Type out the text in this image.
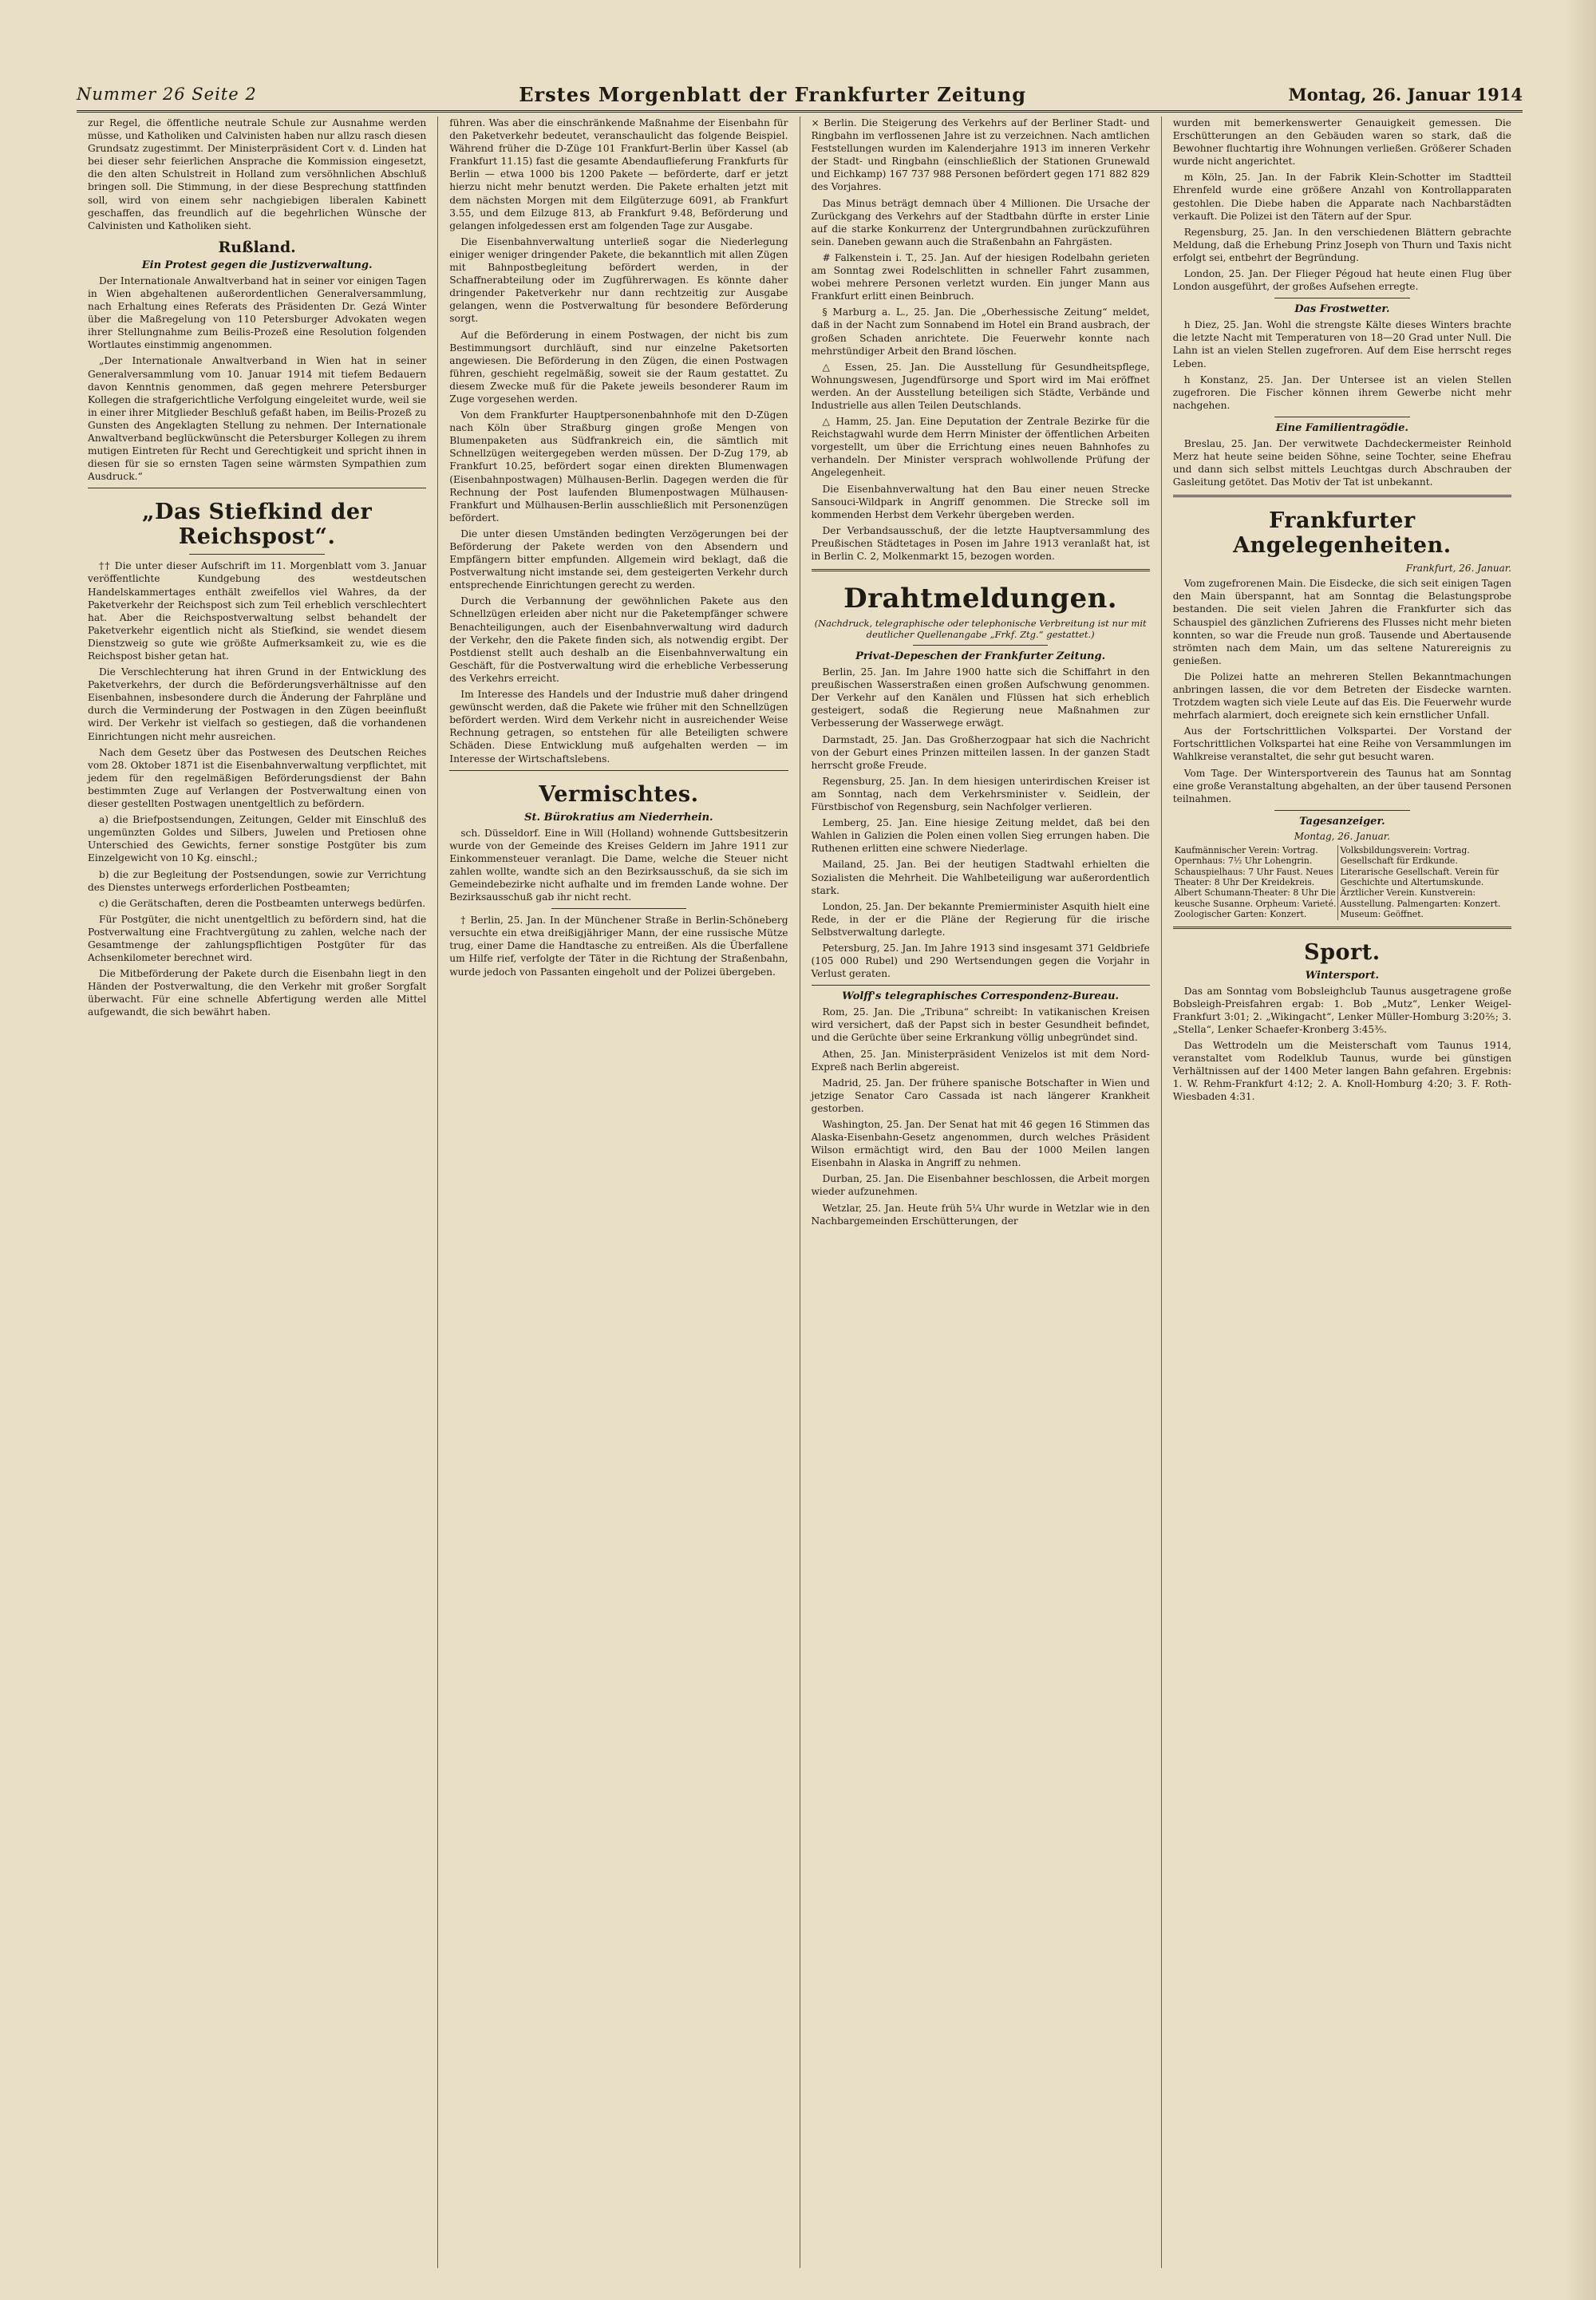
Nummer 26 Seite 2	Erstes Morgenblatt der Frankfurter Zeitung	Montag, 26. Januar 1914

zur Regel, die öffentliche neutrale Schule zur Ausnahme werden müsse, und Katholiken und Calvinisten haben nur allzu rasch diesen Grundsatz zugestimmt. Der Ministerpräsident Cort v. d. Linden hat bei dieser sehr feierlichen Ansprache die Kommission eingesetzt, die den alten Schulstreit in Holland zum versöhnlichen Abschluß bringen soll. Die Stimmung, in der diese Besprechung stattfinden soll, wird von einem sehr nachgiebigen liberalen Kabinett geschaffen, das freundlich auf die begehrlichen Wünsche der Calvinisten und Katholiken sieht.

Rußland.
Ein Protest gegen die Justizverwaltung.

Der Internationale Anwaltverband hat in seiner vor einigen Tagen in Wien abgehaltenen außerordentlichen Generalversammlung, nach Erhaltung eines Referats des Präsidenten Dr. Gezá Winter über die Maßregelung von 110 Petersburger Advokaten wegen ihrer Stellungnahme zum Beilis-Prozeß eine Resolution folgenden Wortlautes einstimmig angenommen.

„Der Internationale Anwaltverband in Wien hat in seiner Generalversammlung vom 10. Januar 1914 mit tiefem Bedauern davon Kenntnis genommen, daß gegen mehrere Petersburger Kollegen die strafgerichtliche Verfolgung eingeleitet wurde, weil sie in einer ihrer Mitglieder Beschluß gefaßt haben, im Beilis-Prozeß zu Gunsten des Angeklagten Stellung zu nehmen. Der Internationale Anwaltverband beglückwünscht die Petersburger Kollegen zu ihrem mutigen Eintreten für Recht und Gerechtigkeit und spricht ihnen in diesen für sie so ernsten Tagen seine wärmsten Sympathien zum Ausdruck.“

„Das Stiefkind der Reichspost“.

†† Die unter dieser Aufschrift im 11. Morgenblatt vom 3. Januar veröffentlichte Kundgebung des westdeutschen Handelskammertages enthält zweifellos viel Wahres, da der Paketverkehr der Reichspost sich zum Teil erheblich verschlechtert hat. Aber die Reichspostverwaltung selbst behandelt der Paketverkehr eigentlich nicht als Stiefkind, sie wendet diesem Dienstzweig so gute wie größte Aufmerksamkeit zu, wie es die Reichspost bisher getan hat.

Die Verschlechterung hat ihren Grund in der Entwicklung des Paketverkehrs, der durch die Beförderungsverhältnisse auf den Eisenbahnen, insbesondere durch die Änderung der Fahrpläne und durch die Verminderung der Postwagen in den Zügen beeinflußt wird. Der Verkehr ist vielfach so gestiegen, daß die vorhandenen Einrichtungen nicht mehr ausreichen.

Nach dem Gesetz über das Postwesen des Deutschen Reiches vom 28. Oktober 1871 ist die Eisenbahnverwaltung verpflichtet, mit jedem für den regelmäßigen Beförderungsdienst der Bahn bestimmten Zuge auf Verlangen der Postverwaltung einen von dieser gestellten Postwagen unentgeltlich zu befördern.

a) die Briefpostsendungen, Zeitungen, Gelder mit Einschluß des ungemünzten Goldes und Silbers, Juwelen und Pretiosen ohne Unterschied des Gewichts, ferner sonstige Postgüter bis zum Einzelgewicht von 10 Kg. einschl.;

b) die zur Begleitung der Postsendungen, sowie zur Verrichtung des Dienstes unterwegs erforderlichen Postbeamten;

c) die Gerätschaften, deren die Postbeamten unterwegs bedürfen.

Für Postgüter, die nicht unentgeltlich zu befördern sind, hat die Postverwaltung eine Frachtvergütung zu zahlen, welche nach der Gesamtmenge der zahlungspflichtigen Postgüter für das Achsenkilometer berechnet wird.

Die Mitbeförderung der Pakete durch die Eisenbahn liegt in den Händen der Postverwaltung, die den Verkehr mit großer Sorgfalt überwacht. Für eine schnelle Abfertigung werden alle Mittel aufgewandt, die sich bewährt haben.

führen. Was aber die einschränkende Maßnahme der Eisenbahn für den Paketverkehr bedeutet, veranschaulicht das folgende Beispiel. Während früher die D-Züge 101 Frankfurt-Berlin über Kassel (ab Frankfurt 11.15) fast die gesamte Abendauflieferung Frankfurts für Berlin — etwa 1000 bis 1200 Pakete — beförderte, darf er jetzt hierzu nicht mehr benutzt werden. Die Pakete erhalten jetzt mit dem nächsten Morgen mit dem Eilgüterzuge 6091, ab Frankfurt 3.55, und dem Eilzuge 813, ab Frankfurt 9.48, Beförderung und gelangen infolgedessen erst am folgenden Tage zur Ausgabe.

Die Eisenbahnverwaltung unterließ sogar die Niederlegung einiger weniger dringender Pakete, die bekanntlich mit allen Zügen mit Bahnpostbegleitung befördert werden, in der Schaffnerabteilung oder im Zugführerwagen. Es könnte daher dringender Paketverkehr nur dann rechtzeitig zur Ausgabe gelangen, wenn die Postverwaltung für besondere Beförderung sorgt.

Auf die Beförderung in einem Postwagen, der nicht bis zum Bestimmungsort durchläuft, sind nur einzelne Paketsorten angewiesen. Die Beförderung in den Zügen, die einen Postwagen führen, geschieht regelmäßig, soweit sie der Raum gestattet. Zu diesem Zwecke muß für die Pakete jeweils besonderer Raum im Zuge vorgesehen werden.

Von dem Frankfurter Hauptpersonenbahnhofe mit den D-Zügen nach Köln über Straßburg gingen große Mengen von Blumenpaketen aus Südfrankreich ein, die sämtlich mit Schnellzügen weitergegeben werden müssen. Der D-Zug 179, ab Frankfurt 10.25, befördert sogar einen direkten Blumenwagen (Eisenbahnpostwagen) Mülhausen-Berlin. Dagegen werden die für Rechnung der Post laufenden Blumenpostwagen Mülhausen-Frankfurt und Mülhausen-Berlin ausschließlich mit Personenzügen befördert.

Die unter diesen Umständen bedingten Verzögerungen bei der Beförderung der Pakete werden von den Absendern und Empfängern bitter empfunden. Allgemein wird beklagt, daß die Postverwaltung nicht imstande sei, dem gesteigerten Verkehr durch entsprechende Einrichtungen gerecht zu werden.

Durch die Verbannung der gewöhnlichen Pakete aus den Schnellzügen erleiden aber nicht nur die Paketempfänger schwere Benachteiligungen, auch der Eisenbahnverwaltung wird dadurch der Verkehr, den die Pakete finden sich, als notwendig ergibt. Der Postdienst stellt auch deshalb an die Eisenbahnverwaltung ein Geschäft, für die Postverwaltung wird die erhebliche Verbesserung des Verkehrs erreicht.

Im Interesse des Handels und der Industrie muß daher dringend gewünscht werden, daß die Pakete wie früher mit den Schnellzügen befördert werden. Wird dem Verkehr nicht in ausreichender Weise Rechnung getragen, so entstehen für alle Beteiligten schwere Schäden. Diese Entwicklung muß aufgehalten werden — im Interesse der Wirtschaftslebens.

Vermischtes.
St. Bürokratius am Niederrhein.

sch. Düsseldorf. Eine in Will (Holland) wohnende Guttsbesitzerin wurde von der Gemeinde des Kreises Geldern im Jahre 1911 zur Einkommensteuer veranlagt. Die Dame, welche die Steuer nicht zahlen wollte, wandte sich an den Bezirksausschuß, da sie sich im Gemeindebezirke nicht aufhalte und im fremden Lande wohne. Der Bezirksausschuß gab ihr nicht recht.

† Berlin, 25. Jan. In der Münchener Straße in Berlin-Schöneberg versuchte ein etwa dreißigjähriger Mann, der eine russische Mütze trug, einer Dame die Handtasche zu entreißen. Als die Überfallene um Hilfe rief, verfolgte der Täter in die Richtung der Straßenbahn, wurde jedoch von Passanten eingeholt und der Polizei übergeben.

× Berlin. Die Steigerung des Verkehrs auf der Berliner Stadt- und Ringbahn im verflossenen Jahre ist zu verzeichnen. Nach amtlichen Feststellungen wurden im Kalenderjahre 1913 im inneren Verkehr der Stadt- und Ringbahn (einschließlich der Stationen Grunewald und Eichkamp) 167 737 988 Personen befördert gegen 171 882 829 des Vorjahres.

Das Minus beträgt demnach über 4 Millionen. Die Ursache der Zurückgang des Verkehrs auf der Stadtbahn dürfte in erster Linie auf die starke Konkurrenz der Untergrundbahnen zurückzuführen sein. Daneben gewann auch die Straßenbahn an Fahrgästen.

# Falkenstein i. T., 25. Jan. Auf der hiesigen Rodelbahn gerieten am Sonntag zwei Rodelschlitten in schneller Fahrt zusammen, wobei mehrere Personen verletzt wurden. Ein junger Mann aus Frankfurt erlitt einen Beinbruch.

§ Marburg a. L., 25. Jan. Die „Oberhessische Zeitung“ meldet, daß in der Nacht zum Sonnabend im Hotel ein Brand ausbrach, der großen Schaden anrichtete. Die Feuerwehr konnte nach mehrstündiger Arbeit den Brand löschen.

△ Essen, 25. Jan. Die Ausstellung für Gesundheitspflege, Wohnungswesen, Jugendfürsorge und Sport wird im Mai eröffnet werden. An der Ausstellung beteiligen sich Städte, Verbände und Industrielle aus allen Teilen Deutschlands.

△ Hamm, 25. Jan. Eine Deputation der Zentrale Bezirke für die Reichstagwahl wurde dem Herrn Minister der öffentlichen Arbeiten vorgestellt, um über die Errichtung eines neuen Bahnhofes zu verhandeln. Der Minister versprach wohlwollende Prüfung der Angelegenheit.

Die Eisenbahnverwaltung hat den Bau einer neuen Strecke Sansouci-Wildpark in Angriff genommen. Die Strecke soll im kommenden Herbst dem Verkehr übergeben werden.

Der Verbandsausschuß, der die letzte Hauptversammlung des Preußischen Städtetages in Posen im Jahre 1913 veranlaßt hat, ist in Berlin C. 2, Molkenmarkt 15, bezogen worden.

Drahtmeldungen.
(Nachdruck, telegraphische oder telephonische Verbreitung ist nur mit deutlicher Quellenangabe „Frkf. Ztg.“ gestattet.)
Privat-Depeschen der Frankfurter Zeitung.

Berlin, 25. Jan. Im Jahre 1900 hatte sich die Schiffahrt in den preußischen Wasserstraßen einen großen Aufschwung genommen. Der Verkehr auf den Kanälen und Flüssen hat sich erheblich gesteigert, sodaß die Regierung neue Maßnahmen zur Verbesserung der Wasserwege erwägt.

Darmstadt, 25. Jan. Das Großherzogpaar hat sich die Nachricht von der Geburt eines Prinzen mitteilen lassen. In der ganzen Stadt herrscht große Freude.

Regensburg, 25. Jan. In dem hiesigen unterirdischen Kreiser ist am Sonntag, nach dem Verkehrsminister v. Seidlein, der Fürstbischof von Regensburg, sein Nachfolger verlieren.

Lemberg, 25. Jan. Eine hiesige Zeitung meldet, daß bei den Wahlen in Galizien die Polen einen vollen Sieg errungen haben. Die Ruthenen erlitten eine schwere Niederlage.

Mailand, 25. Jan. Bei der heutigen Stadtwahl erhielten die Sozialisten die Mehrheit. Die Wahlbeteiligung war außerordentlich stark.

London, 25. Jan. Der bekannte Premierminister Asquith hielt eine Rede, in der er die Pläne der Regierung für die irische Selbstverwaltung darlegte.

Petersburg, 25. Jan. Im Jahre 1913 sind insgesamt 371 Geldbriefe (105 000 Rubel) und 290 Wertsendungen gegen die Vorjahr in Verlust geraten.

Wolff's telegraphisches Correspondenz-Bureau.

Rom, 25. Jan. Die „Tribuna“ schreibt: In vatikanischen Kreisen wird versichert, daß der Papst sich in bester Gesundheit befindet, und die Gerüchte über seine Erkrankung völlig unbegründet sind.

Athen, 25. Jan. Ministerpräsident Venizelos ist mit dem Nord-Expreß nach Berlin abgereist.

Madrid, 25. Jan. Der frühere spanische Botschafter in Wien und jetzige Senator Caro Cassada ist nach längerer Krankheit gestorben.

Washington, 25. Jan. Der Senat hat mit 46 gegen 16 Stimmen das Alaska-Eisenbahn-Gesetz angenommen, durch welches Präsident Wilson ermächtigt wird, den Bau der 1000 Meilen langen Eisenbahn in Alaska in Angriff zu nehmen.

Durban, 25. Jan. Die Eisenbahner beschlossen, die Arbeit morgen wieder aufzunehmen.

Wetzlar, 25. Jan. Heute früh 5¼ Uhr wurde in Wetzlar wie in den Nachbargemeinden Erschütterungen, der

wurden mit bemerkenswerter Genauigkeit gemessen. Die Erschütterungen an den Gebäuden waren so stark, daß die Bewohner fluchtartig ihre Wohnungen verließen. Größerer Schaden wurde nicht angerichtet.

m Köln, 25. Jan. In der Fabrik Klein-Schotter im Stadtteil Ehrenfeld wurde eine größere Anzahl von Kontrollapparaten gestohlen. Die Diebe haben die Apparate nach Nachbarstädten verkauft. Die Polizei ist den Tätern auf der Spur.

Regensburg, 25. Jan. In den verschiedenen Blättern gebrachte Meldung, daß die Erhebung Prinz Joseph von Thurn und Taxis nicht erfolgt sei, entbehrt der Begründung.

London, 25. Jan. Der Flieger Pégoud hat heute einen Flug über London ausgeführt, der großes Aufsehen erregte.

Das Frostwetter.

h Diez, 25. Jan. Wohl die strengste Kälte dieses Winters brachte die letzte Nacht mit Temperaturen von 18—20 Grad unter Null. Die Lahn ist an vielen Stellen zugefroren. Auf dem Eise herrscht reges Leben.

h Konstanz, 25. Jan. Der Untersee ist an vielen Stellen zugefroren. Die Fischer können ihrem Gewerbe nicht mehr nachgehen.

Eine Familientragödie.

Breslau, 25. Jan. Der verwitwete Dachdeckermeister Reinhold Merz hat heute seine beiden Söhne, seine Tochter, seine Ehefrau und dann sich selbst mittels Leuchtgas durch Abschrauben der Gasleitung getötet. Das Motiv der Tat ist unbekannt.

Frankfurter Angelegenheiten.
Frankfurt, 26. Januar.

Vom zugefrorenen Main. Die Eisdecke, die sich seit einigen Tagen den Main überspannt, hat am Sonntag die Belastungsprobe bestanden. Die seit vielen Jahren die Frankfurter sich das Schauspiel des gänzlichen Zufrierens des Flusses nicht mehr bieten konnten, so war die Freude nun groß. Tausende und Abertausende strömten nach dem Main, um das seltene Naturereignis zu genießen.

Die Polizei hatte an mehreren Stellen Bekanntmachungen anbringen lassen, die vor dem Betreten der Eisdecke warnten. Trotzdem wagten sich viele Leute auf das Eis. Die Feuerwehr wurde mehrfach alarmiert, doch ereignete sich kein ernstlicher Unfall.

Aus der Fortschrittlichen Volkspartei. Der Vorstand der Fortschrittlichen Volkspartei hat eine Reihe von Versammlungen im Wahlkreise veranstaltet, die sehr gut besucht waren.

Vom Tage. Der Wintersportverein des Taunus hat am Sonntag eine große Veranstaltung abgehalten, an der über tausend Personen teilnahmen.

Tagesanzeiger.
Montag, 26. Januar.
Kaufmännischer Verein: Vortrag. Opernhaus: 7½ Uhr Lohengrin. Schauspielhaus: 7 Uhr Faust. Neues Theater: 8 Uhr Der Kreidekreis. Albert Schumann-Theater: 8 Uhr Die keusche Susanne. Orpheum: Varieté. Zoologischer Garten: Konzert.	Volksbildungsverein: Vortrag. Gesellschaft für Erdkunde. Literarische Gesellschaft. Verein für Geschichte und Altertumskunde. Ärztlicher Verein. Kunstverein: Ausstellung. Palmengarten: Konzert. Museum: Geöffnet.
Sport.
Wintersport.

Das am Sonntag vom Bobsleighclub Taunus ausgetragene große Bobsleigh-Preisfahren ergab: 1. Bob „Mutz“, Lenker Weigel-Frankfurt 3:01; 2. „Wikingacht“, Lenker Müller-Homburg 3:20⅖; 3. „Stella“, Lenker Schaefer-Kronberg 3:45⅗.

Das Wettrodeln um die Meisterschaft vom Taunus 1914, veranstaltet vom Rodelklub Taunus, wurde bei günstigen Verhältnissen auf der 1400 Meter langen Bahn gefahren. Ergebnis: 1. W. Rehm-Frankfurt 4:12; 2. A. Knoll-Homburg 4:20; 3. F. Roth-Wiesbaden 4:31.
